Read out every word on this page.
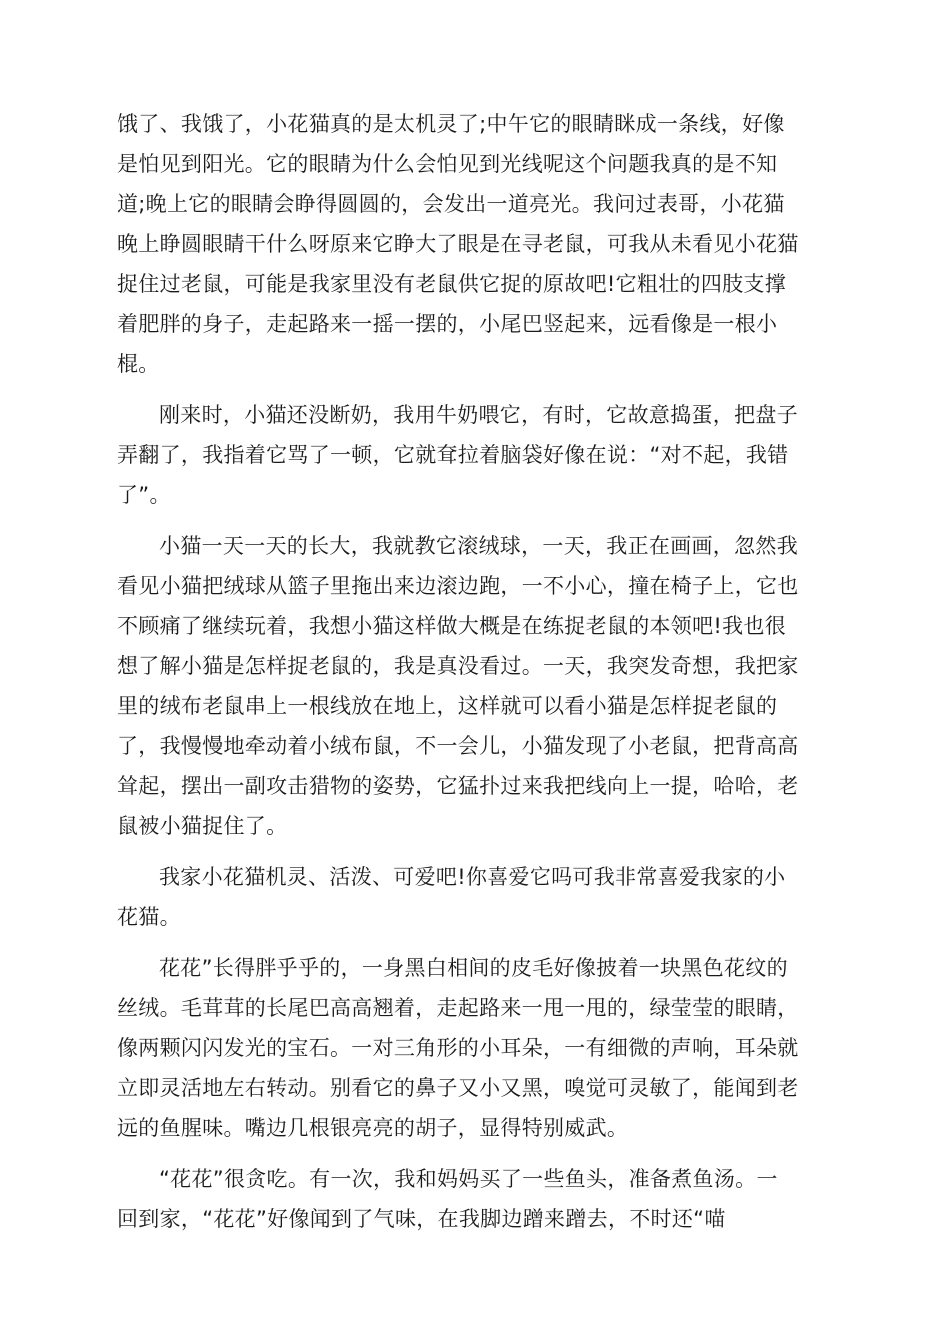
饿了、我饿了，小花猫真的是太机灵了;中午它的眼睛眯成一条线，好像
是怕见到阳光。它的眼睛为什么会怕见到光线呢这个问题我真的是不知
道;晚上它的眼睛会睁得圆圆的，会发出一道亮光。我问过表哥，小花猫
晚上睁圆眼睛干什么呀原来它睁大了眼是在寻老鼠，可我从未看见小花猫
捉住过老鼠，可能是我家里没有老鼠供它捉的原故吧!它粗壮的四肢支撑
着肥胖的身子，走起路来一摇一摆的，小尾巴竖起来，远看像是一根小
棍。
刚来时，小猫还没断奶，我用牛奶喂它，有时，它故意捣蛋，把盘子
弄翻了，我指着它骂了一顿，它就耷拉着脑袋好像在说：“对不起，我错
了”。
小猫一天一天的长大，我就教它滚绒球，一天，我正在画画，忽然我
看见小猫把绒球从篮子里拖出来边滚边跑，一不小心，撞在椅子上，它也
不顾痛了继续玩着，我想小猫这样做大概是在练捉老鼠的本领吧!我也很
想了解小猫是怎样捉老鼠的，我是真没看过。一天，我突发奇想，我把家
里的绒布老鼠串上一根线放在地上，这样就可以看小猫是怎样捉老鼠的
了，我慢慢地牵动着小绒布鼠，不一会儿，小猫发现了小老鼠，把背高高
耸起，摆出一副攻击猎物的姿势，它猛扑过来我把线向上一提，哈哈，老
鼠被小猫捉住了。
我家小花猫机灵、活泼、可爱吧!你喜爱它吗可我非常喜爱我家的小
花猫。
花花”长得胖乎乎的，一身黑白相间的皮毛好像披着一块黑色花纹的
丝绒。毛茸茸的长尾巴高高翘着，走起路来一甩一甩的，绿莹莹的眼睛，
像两颗闪闪发光的宝石。一对三角形的小耳朵，一有细微的声响，耳朵就
立即灵活地左右转动。别看它的鼻子又小又黑，嗅觉可灵敏了，能闻到老
远的鱼腥味。嘴边几根银亮亮的胡子，显得特别威武。
“花花”很贪吃。有一次，我和妈妈买了一些鱼头，准备煮鱼汤。一
回到家，“花花”好像闻到了气味，在我脚边蹭来蹭去，不时还“喵
